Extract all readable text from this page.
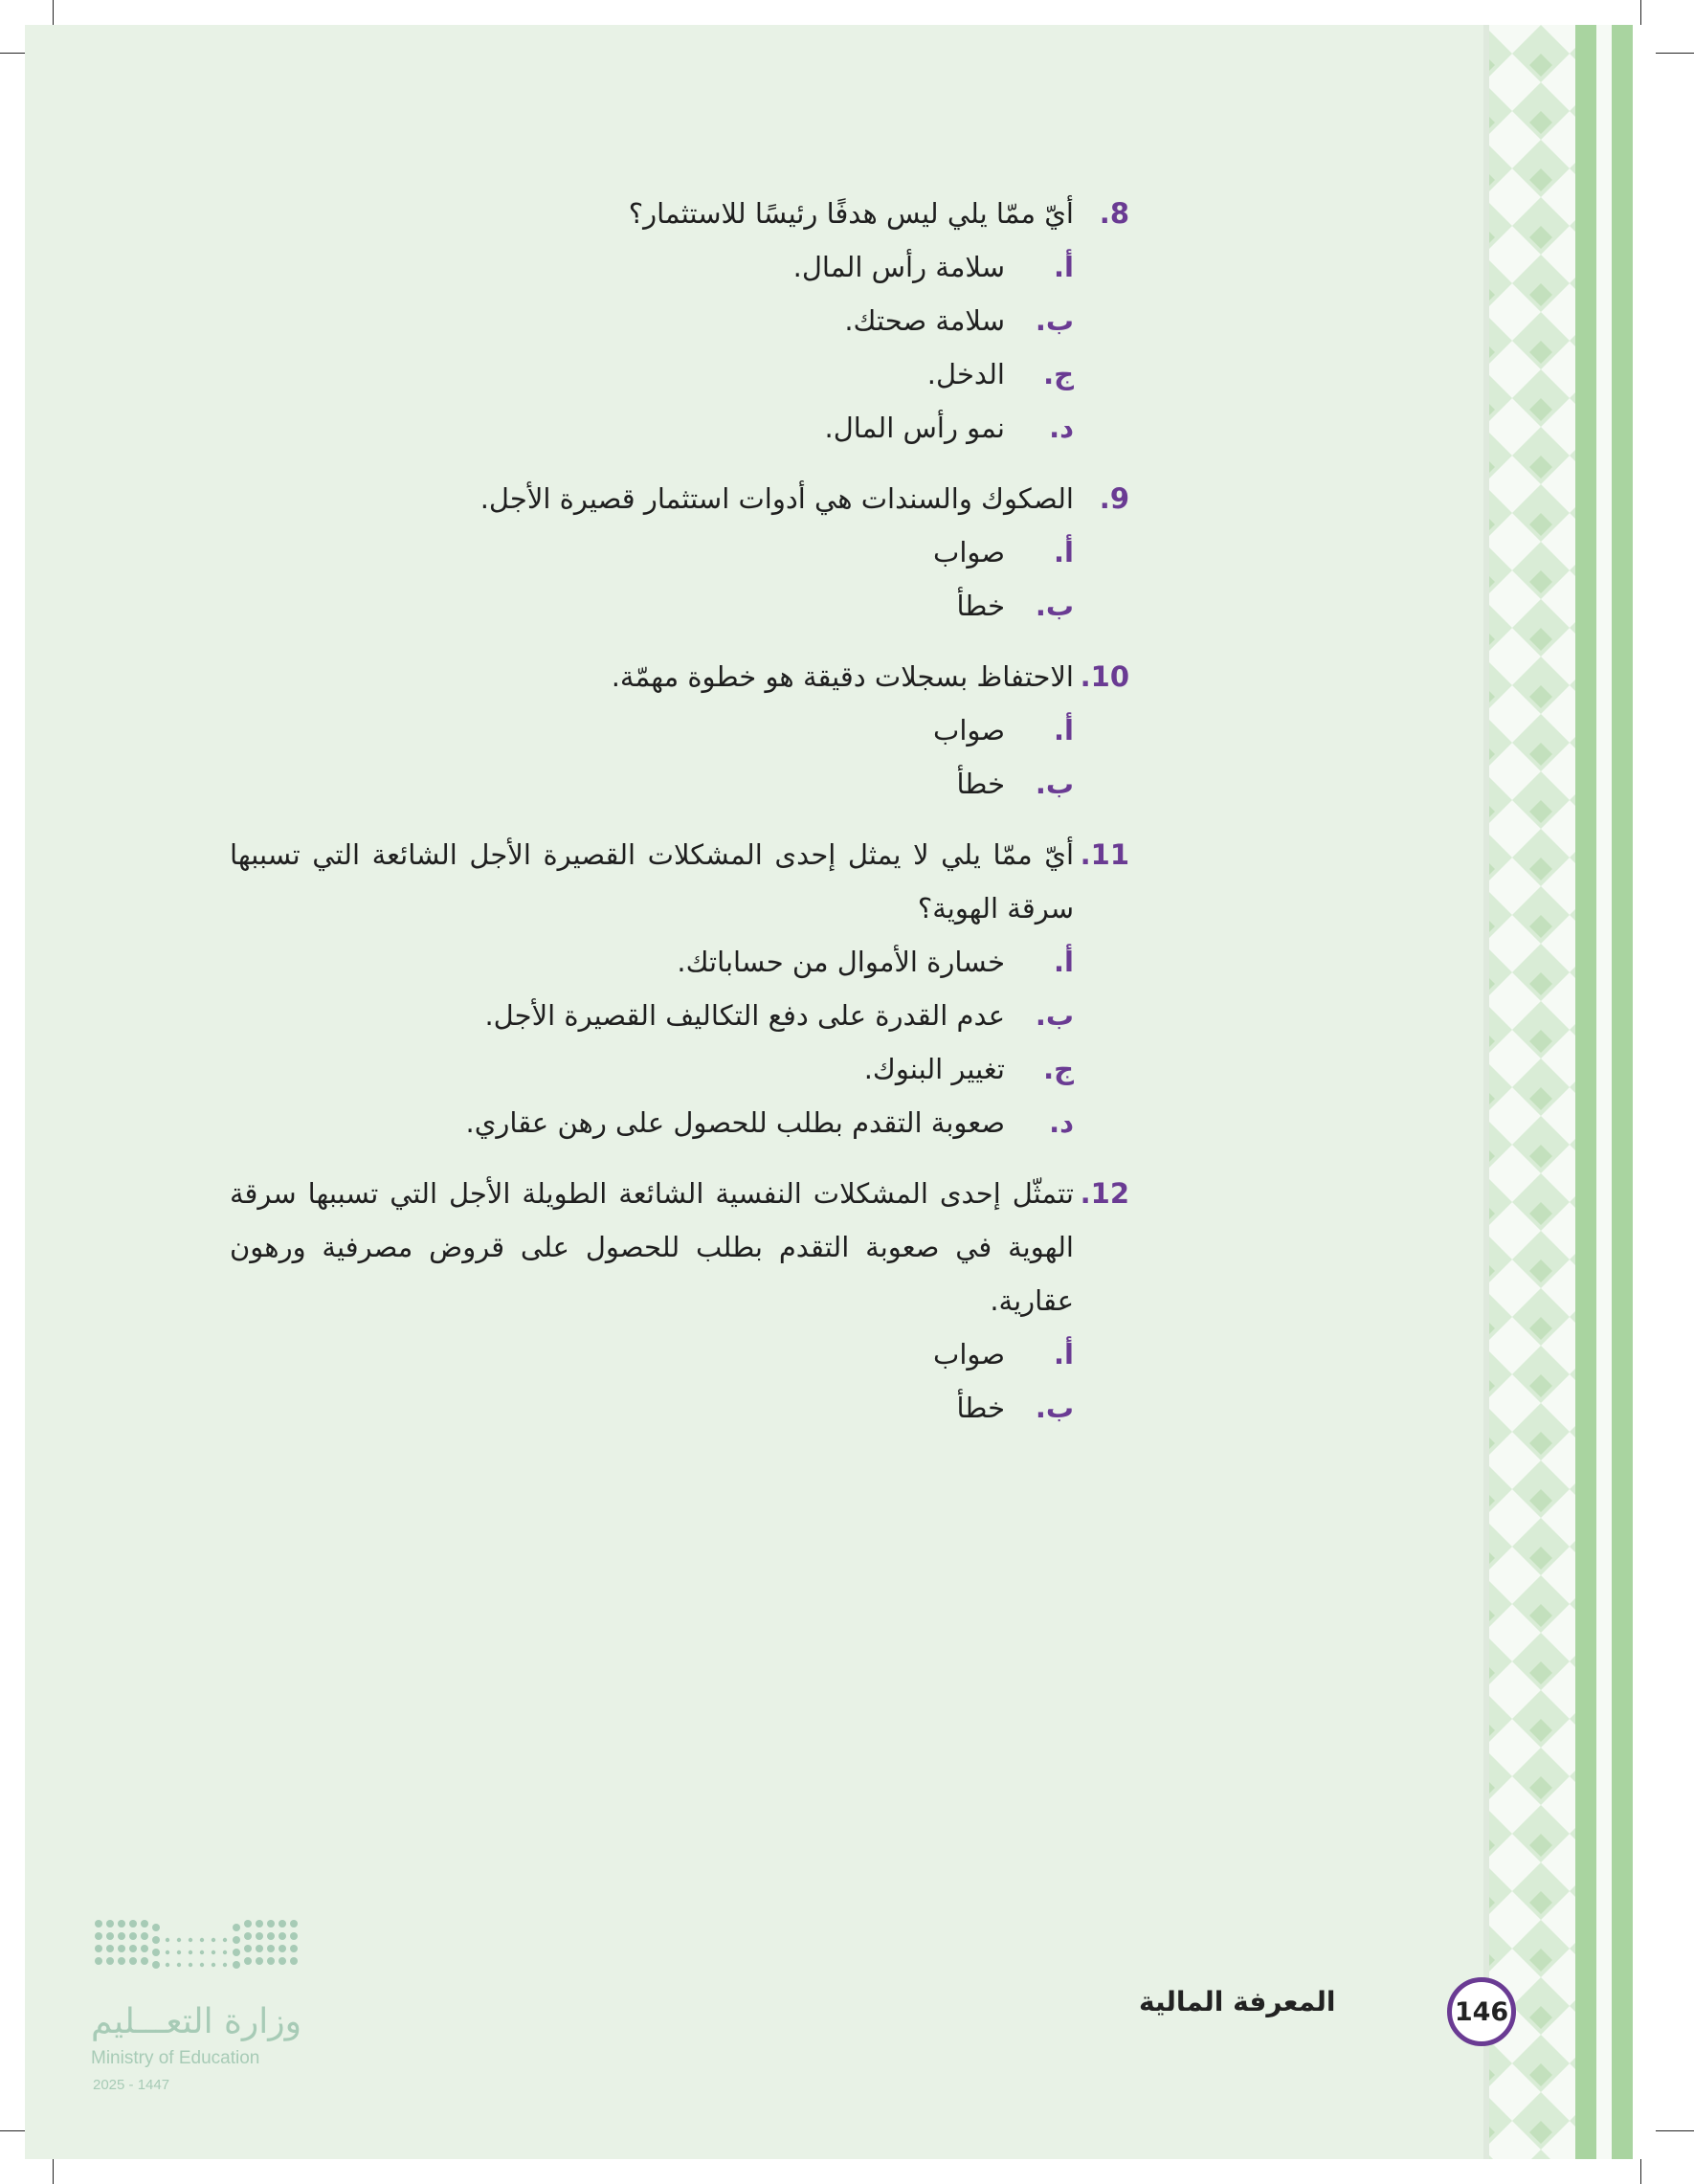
8.
أيّ ممّا يلي ليس هدفًا رئيسًا للاستثمار؟
أ.
سلامة رأس المال.
ب.
سلامة صحتك.
ج.
الدخل.
د.
نمو رأس المال.
9.
الصكوك والسندات هي أدوات استثمار قصيرة الأجل.
أ.
صواب
ب.
خطأ
10.
الاحتفاظ بسجلات دقيقة هو خطوة مهمّة.
أ.
صواب
ب.
خطأ
11.
أيّ ممّا يلي لا يمثل إحدى المشكلات القصيرة الأجل الشائعة التي تسببها سرقة الهوية؟
أ.
خسارة الأموال من حساباتك.
ب.
عدم القدرة على دفع التكاليف القصيرة الأجل.
ج.
تغيير البنوك.
د.
صعوبة التقدم بطلب للحصول على رهن عقاري.
12.
تتمثّل إحدى المشكلات النفسية الشائعة الطويلة الأجل التي تسببها سرقة الهوية في صعوبة التقدم بطلب للحصول على قروض مصرفية ورهون عقارية.
أ.
صواب
ب.
خطأ
المعرفة المالية	146
وزارة التعـــليم
Ministry of Education
2025 - 1447
